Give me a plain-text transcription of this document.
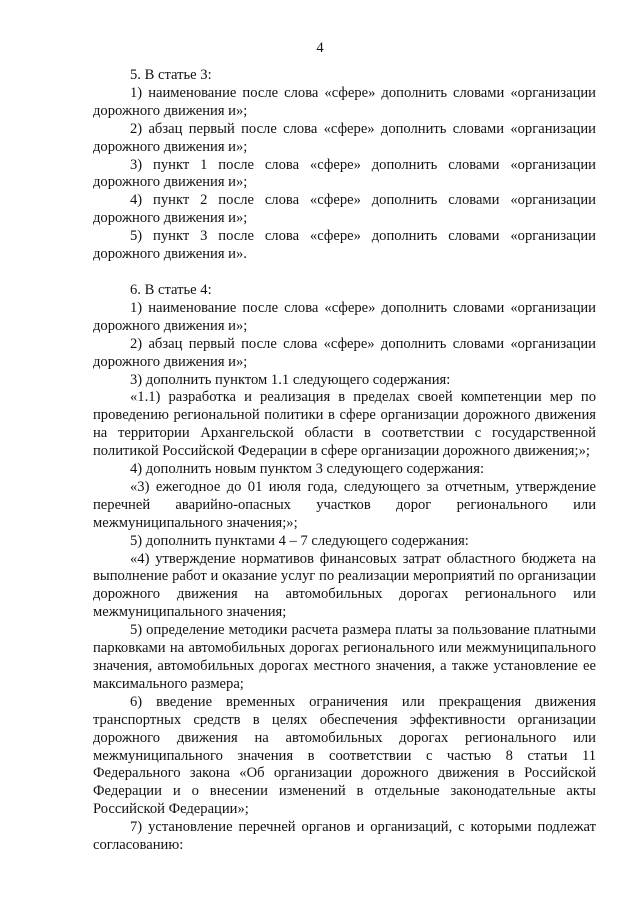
4

5. В статье 3:

1) наименование после слова «сфере» дополнить словами «организации дорожного движения и»;

2) абзац первый после слова «сфере» дополнить словами «организации дорожного движения и»;

3) пункт 1 после слова «сфере» дополнить словами «организации дорожного движения и»;

4) пункт 2 после слова «сфере» дополнить словами «организации дорожного движения и»;

5) пункт 3 после слова «сфере» дополнить словами «организации дорожного движения и».

6. В статье 4:

1) наименование после слова «сфере» дополнить словами «организации дорожного движения и»;

2) абзац первый после слова «сфере» дополнить словами «организации дорожного движения и»;

3) дополнить пунктом 1.1 следующего содержания:

«1.1) разработка и реализация в пределах своей компетенции мер по проведению региональной политики в сфере организации дорожного движения на территории Архангельской области в соответствии с государственной политикой Российской Федерации в сфере организации дорожного движения;»;

4) дополнить новым пунктом 3 следующего содержания:

«3) ежегодное до 01 июля года, следующего за отчетным, утверждение перечней аварийно-опасных участков дорог регионального или межмуниципального значения;»;

5) дополнить пунктами 4 – 7 следующего содержания:

«4) утверждение нормативов финансовых затрат областного бюджета на выполнение работ и оказание услуг по реализации мероприятий по организации дорожного движения на автомобильных дорогах регионального или межмуниципального значения;

5) определение методики расчета размера платы за пользование платными парковками на автомобильных дорогах регионального или межмуниципального значения, автомобильных дорогах местного значения, а также установление ее максимального размера;

6) введение временных ограничения или прекращения движения транспортных средств в целях обеспечения эффективности организации дорожного движения на автомобильных дорогах регионального или межмуниципального значения в соответствии с частью 8 статьи 11 Федерального закона «Об организации дорожного движения в Российской Федерации и о внесении изменений в отдельные законодательные акты Российской Федерации»;

7) установление перечней органов и организаций, с которыми подлежат согласованию:
